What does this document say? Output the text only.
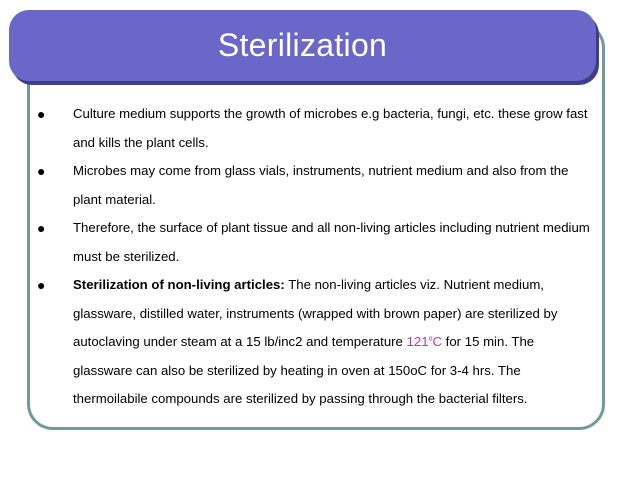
Sterilization
● Culture medium supports the growth of microbes e.g bacteria, fungi, etc. these grow fast and kills the plant cells.
● Microbes may come from glass vials, instruments, nutrient medium and also from the plant material.
● Therefore, the surface of plant tissue and all non-living articles including nutrient medium must be sterilized.
● Sterilization of non-living articles: The non-living articles viz. Nutrient medium, glassware, distilled water, instruments (wrapped with brown paper) are sterilized by autoclaving under steam at a 15 lb/inc2 and temperature 121$^o$C for 15 min. The glassware can also be sterilized by heating in oven at 150oC for 3-4 hrs. The thermoilabile compounds are sterilized by passing through the bacterial filters.
